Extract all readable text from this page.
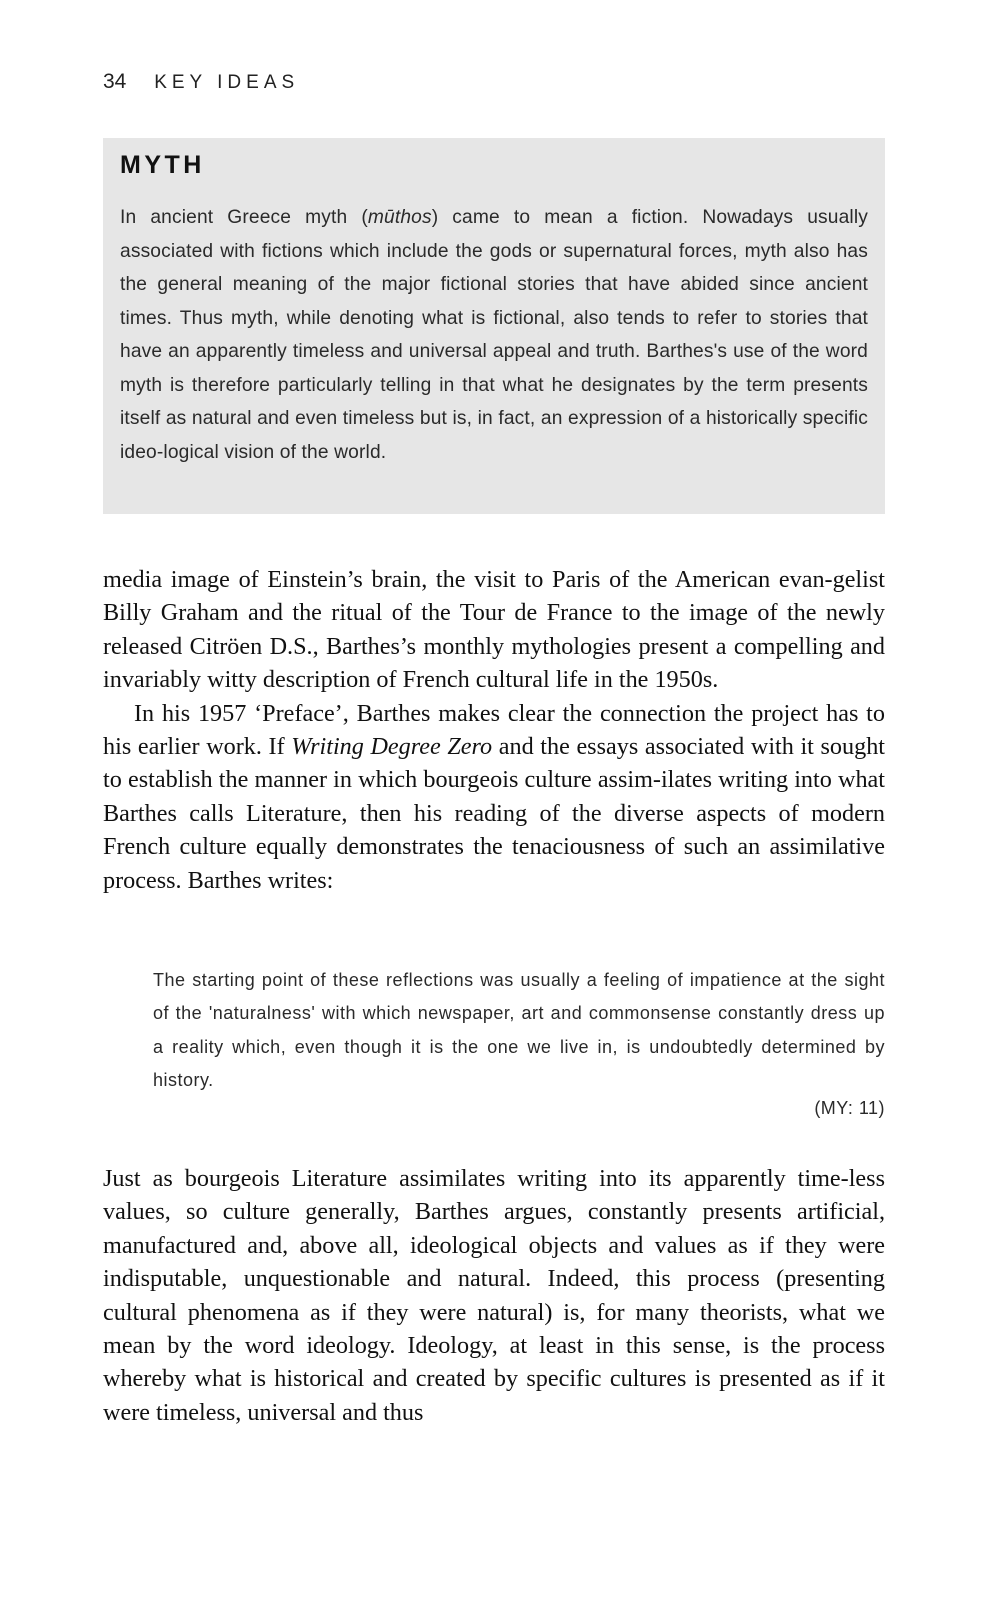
34 KEY IDEAS
MYTH

In ancient Greece myth (mūthos) came to mean a fiction. Nowadays usually associated with fictions which include the gods or supernatural forces, myth also has the general meaning of the major fictional stories that have abided since ancient times. Thus myth, while denoting what is fictional, also tends to refer to stories that have an apparently timeless and universal appeal and truth. Barthes's use of the word myth is therefore particularly telling in that what he designates by the term presents itself as natural and even timeless but is, in fact, an expression of a historically specific ideo-logical vision of the world.

media image of Einstein’s brain, the visit to Paris of the American evan-gelist Billy Graham and the ritual of the Tour de France to the image of the newly released Citröen D.S., Barthes’s monthly mythologies present a compelling and invariably witty description of French cultural life in the 1950s.

In his 1957 ‘Preface’, Barthes makes clear the connection the project has to his earlier work. If Writing Degree Zero and the essays associated with it sought to establish the manner in which bourgeois culture assim-ilates writing into what Barthes calls Literature, then his reading of the diverse aspects of modern French culture equally demonstrates the tenaciousness of such an assimilative process. Barthes writes:

The starting point of these reflections was usually a feeling of impatience at the sight of the 'naturalness' with which newspaper, art and commonsense constantly dress up a reality which, even though it is the one we live in, is undoubtedly determined by history.

(MY: 11)

Just as bourgeois Literature assimilates writing into its apparently time-less values, so culture generally, Barthes argues, constantly presents artificial, manufactured and, above all, ideological objects and values as if they were indisputable, unquestionable and natural. Indeed, this process (presenting cultural phenomena as if they were natural) is, for many theorists, what we mean by the word ideology. Ideology, at least in this sense, is the process whereby what is historical and created by specific cultures is presented as if it were timeless, universal and thus
